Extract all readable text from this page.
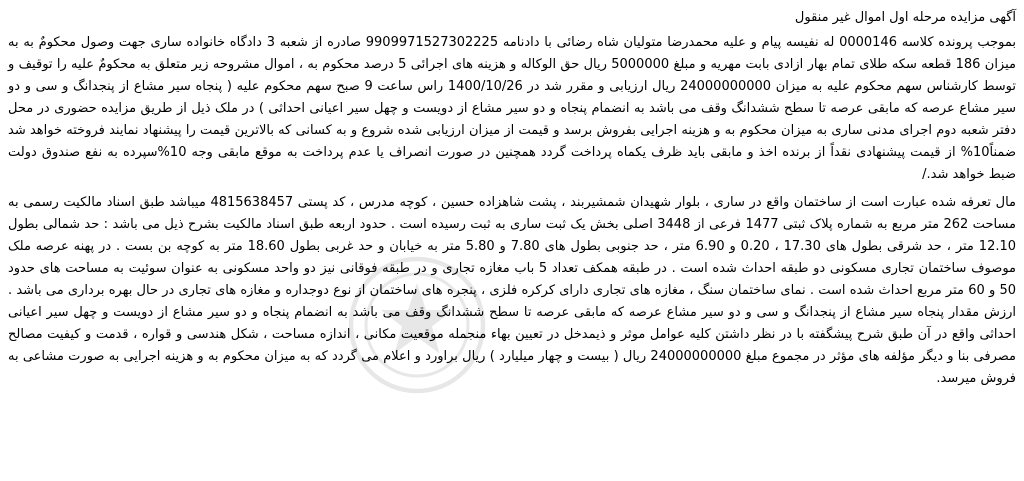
آگهی مزایده مرحله اول اموال غیر منقول

بموجب پرونده کلاسه 0000146 له نفیسه پیام و علیه محمدرضا متولیان شاه رضائی با دادنامه 9909971527302225 صادره از شعبه 3 دادگاه خانواده ساری جهت وصول محکومٌ به به میزان 186 قطعه سکه طلای تمام بهار ازادی بابت مهریه و مبلغ 5000000 ریال حق الوکاله و هزینه های اجرائی 5 درصد محکوم به ، اموال مشروحه زیر متعلق به محکومٌ علیه را توقیف و توسط کارشناس سهم محکوم علیه به میزان 24000000000 ریال ارزیابی و مقرر شد در 1400/10/26 راس ساعت 9 صبح سهم محکوم علیه ( پنجاه سیر مشاع از پنجدانگ و سی و دو سیر مشاع عرصه که مابقی عرصه تا سطح ششدانگ وقف می باشد به انضمام پنجاه و دو سیر مشاع از دویست و چهل سیر اعیانی احداثی ) در ملک ذیل از طریق مزایده حضوری در محل دفتر شعبه دوم اجرای مدنی ساری به میزان محکوم به و هزینه اجرایی بفروش برسد و قیمت از میزان ارزیابی شده شروع و به کسانی که بالاترین قیمت را پیشنهاد نمایند فروخته خواهد شد ضمناً10% از قیمت پیشنهادی نقداً از برنده اخذ و مابقی باید ظرف یکماه پرداخت گردد همچنین در صورت انصراف یا عدم پرداخت به موقع مابقی وجه 10%سپرده به نفع صندوق دولت ضبط خواهد شد./

مال تعرفه شده عبارت است از ساختمان واقع در ساری ، بلوار شهیدان شمشیربند ، پشت شاهزاده حسین ، کوچه مدرس ، کد پستی 4815638457 میباشد طبق اسناد مالکیت رسمی به مساحت 262 متر مربع به شماره پلاک ثبتی 1477 فرعی از 3448 اصلی بخش یک ثبت ساری به ثبت رسیده است . حدود اربعه طبق اسناد مالکیت بشرح ذیل می باشد : حد شمالی بطول 12.10 متر ، حد شرقی بطول های 17.30 ، 0.20 و 6.90 متر ، حد جنوبی بطول های 7.80 و 5.80 متر به خیابان و حد غربی بطول 18.60 متر به کوچه بن بست . در پهنه عرصه ملک موصوف ساختمان تجاری مسکونی دو طبقه احداث شده است . در طبقه همکف تعداد 5 باب مغازه تجاری و در طبقه فوقانی نیز دو واحد مسکونی به عنوان سوئیت به مساحت های حدود 50 و 60 متر مربع احداث شده است . نمای ساختمان سنگ ، مغازه های تجاری دارای کرکره فلزی ، پنجره های ساختمان از نوع دوجداره و مغازه های تجاری در حال بهره برداری می باشد . ارزش مقدار پنجاه سیر مشاع از پنجدانگ و سی و دو سیر مشاع عرصه که مابقی عرصه تا سطح ششدانگ وقف می باشد به انضمام پنجاه و دو سیر مشاع از دویست و چهل سیر اعیانی احداثی واقع در آن طبق شرح پیشگفته با در نظر داشتن کلیه عوامل موثر و ذیمدخل در تعیین بهاء منجمله موقعیت مکانی ، اندازه مساحت ، شکل هندسی و قواره ، قدمت و کیفیت مصالح مصرفی بنا و دیگر مؤلفه های مؤثر در مجموع مبلغ 24000000000 ریال ( بیست و چهار میلیارد ) ریال براورد و اعلام می گردد که به میزان محکوم به و هزینه اجرایی به صورت مشاعی به فروش میرسد.
